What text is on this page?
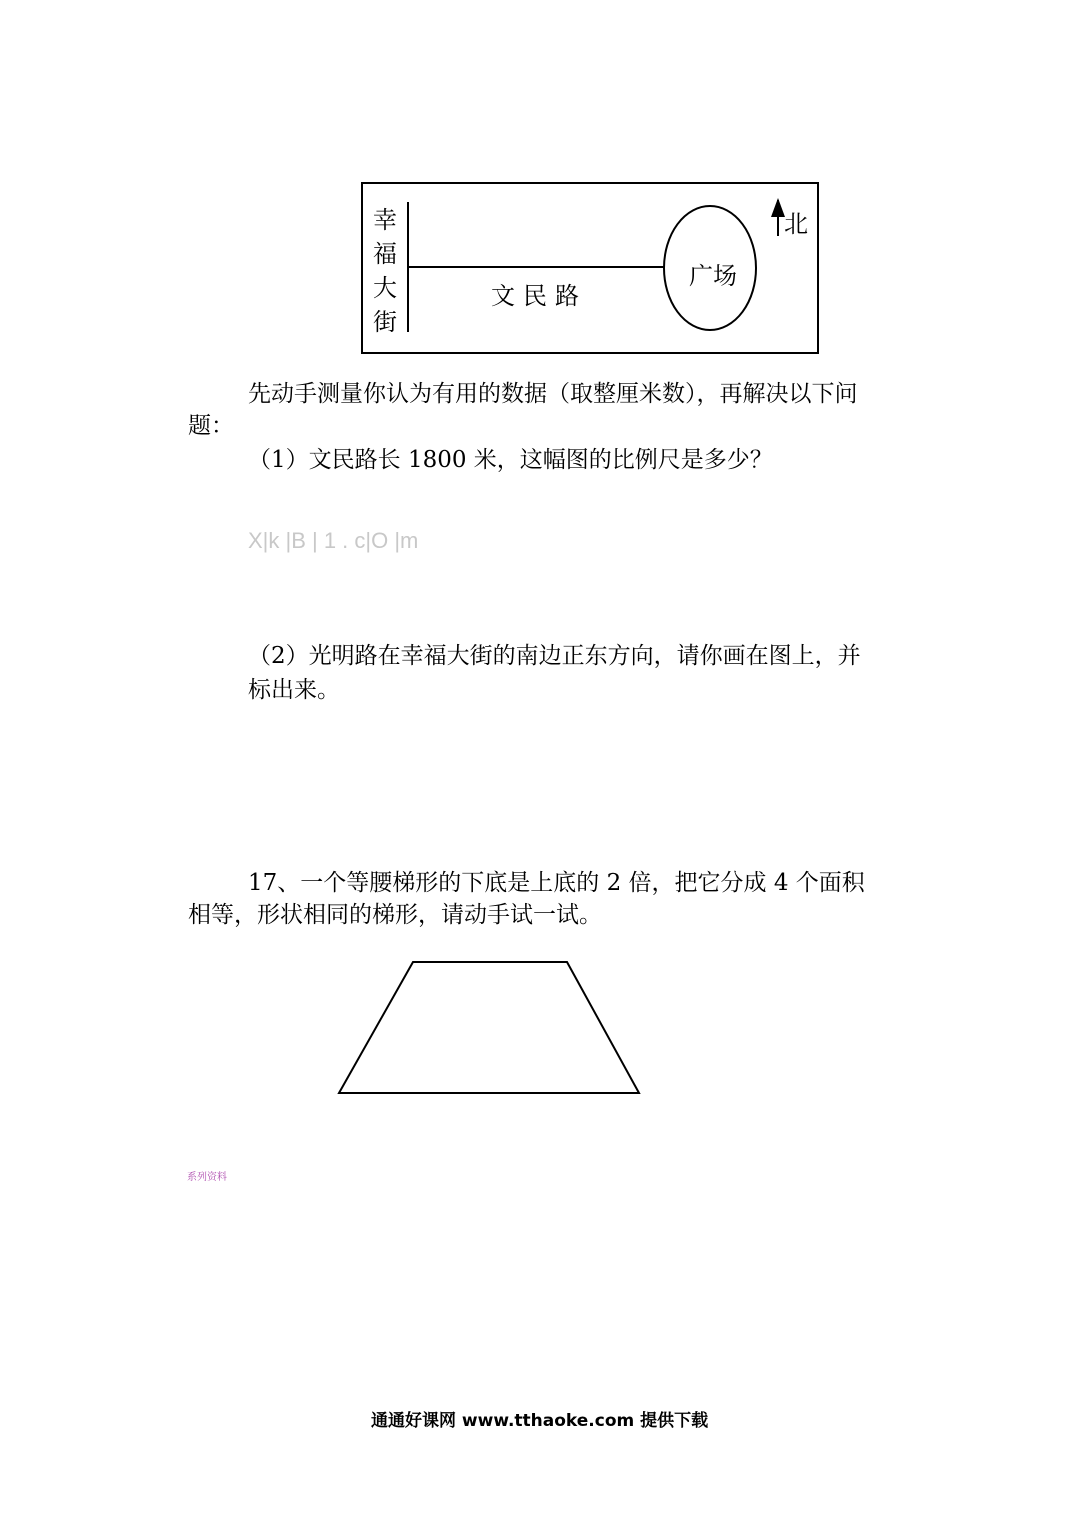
幸
福
大
街
文民路
广场
北
先动手测量你认为有用的数据（取整厘米数），再解决以下问
题：
（1）文民路长 1800 米，这幅图的比例尺是多少？
X|k |B | 1 . c|O |m
（2）光明路在幸福大街的南边正东方向，请你画在图上，并
标出来。
17、一个等腰梯形的下底是上底的 2 倍，把它分成 4 个面积
相等，形状相同的梯形，请动手试一试。
系列资料
通通好课网 www.tthaoke.com 提供下载
